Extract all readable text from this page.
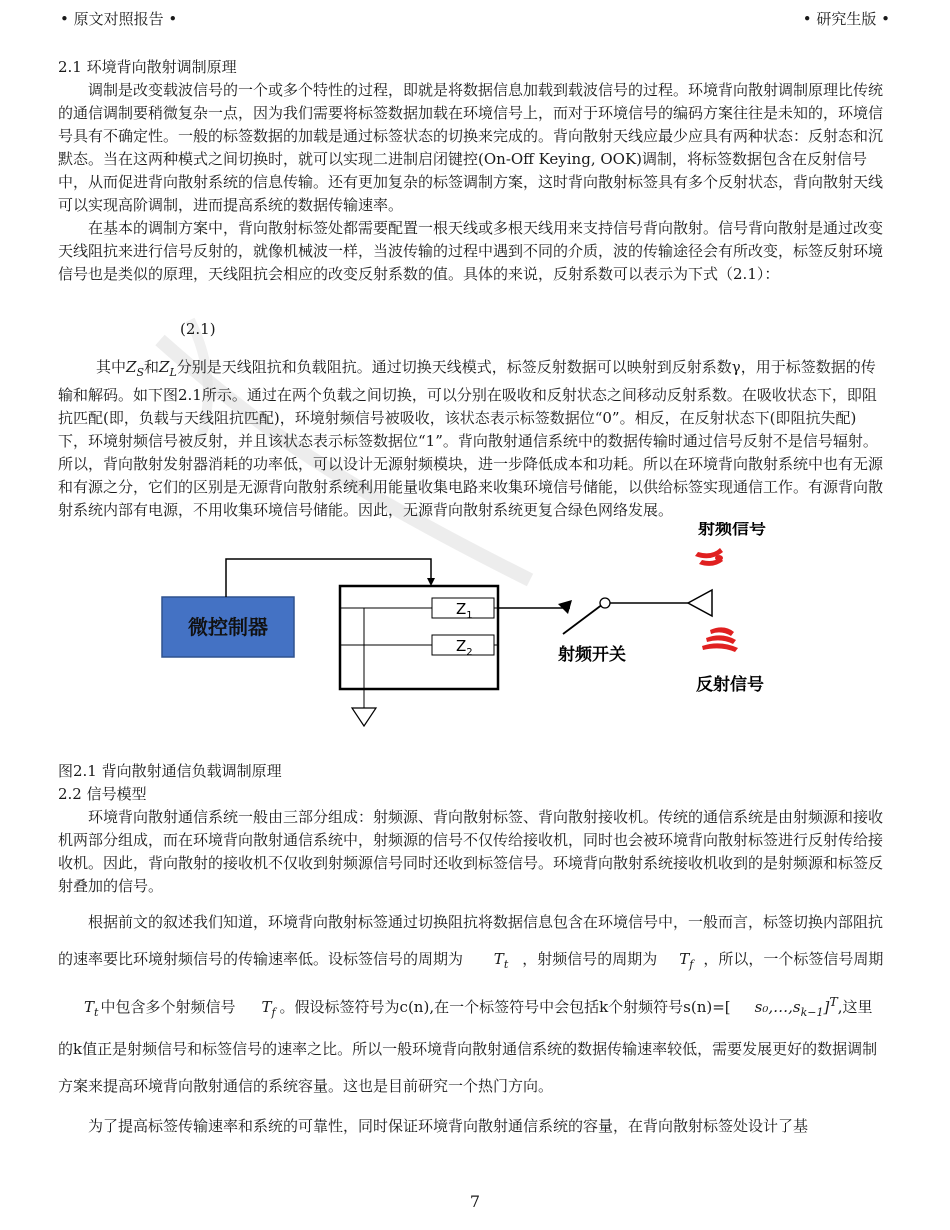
• 原文对照报告 •	• 研究生版 •

2.1 环境背向散射调制原理

调制是改变载波信号的一个或多个特性的过程，即就是将数据信息加载到载波信号的过程。环境背向散射调制原理比传统的通信调制要稍微复杂一点，因为我们需要将标签数据加载在环境信号上，而对于环境信号的编码方案往往是未知的，环境信号具有不确定性。一般的标签数据的加载是通过标签状态的切换来完成的。背向散射天线应最少应具有两种状态：反射态和沉默态。当在这两种模式之间切换时，就可以实现二进制启闭键控(On-Off Keying, OOK)调制，将标签数据包含在反射信号中，从而促进背向散射系统的信息传输。还有更加复杂的标签调制方案，这时背向散射标签具有多个反射状态，背向散射天线可以实现高阶调制，进而提高系统的数据传输速率。

在基本的调制方案中，背向散射标签处都需要配置一根天线或多根天线用来支持信号背向散射。信号背向散射是通过改变天线阻抗来进行信号反射的，就像机械波一样，当波传输的过程中遇到不同的介质，波的传输途径会有所改变，标签反射环境信号也是类似的原理，天线阻抗会相应的改变反射系数的值。具体的来说，反射系数可以表示为下式（2.1）：

(2.1)

其中$Z_S$和$Z_L$分别是天线阻抗和负载阻抗。通过切换天线模式，标签反射数据可以映射到反射系数γ，用于标签数据的传输和解码。如下图2.1所示。通过在两个负载之间切换，可以分别在吸收和反射状态之间移动反射系数。在吸收状态下，即阻抗匹配(即，负载与天线阻抗匹配)，环境射频信号被吸收，该状态表示标签数据位“0”。相反，在反射状态下(即阻抗失配)下，环境射频信号被反射，并且该状态表示标签数据位“1”。背向散射通信系统中的数据传输时通过信号反射不是信号辐射。所以，背向散射发射器消耗的功率低，可以设计无源射频模块，进一步降低成本和功耗。所以在环境背向散射系统中也有无源和有源之分，它们的区别是无源背向散射系统利用能量收集电路来收集环境信号储能，以供给标签实现通信工作。有源背向散射系统内部有电源，不用收集环境信号储能。因此，无源背向散射系统更复合绿色网络发展。

微控制器
$Z_1$
$Z_2$	射频开关
射频信号
反射信号

图2.1 背向散射通信负载调制原理

2.2 信号模型

环境背向散射通信系统一般由三部分组成：射频源、背向散射标签、背向散射接收机。传统的通信系统是由射频源和接收机两部分组成，而在环境背向散射通信系统中，射频源的信号不仅传给接收机，同时也会被环境背向散射标签进行反射传给接收机。因此，背向散射的接收机不仅收到射频源信号同时还收到标签信号。环境背向散射系统接收机收到的是射频源和标签反射叠加的信号。

根据前文的叙述我们知道，环境背向散射标签通过切换阻抗将数据信息包含在环境信号中，一般而言，标签切换内部阻抗的速率要比环境射频信号的传输速率低。设标签信号的周期为 $T_t$ ，射频信号的周期为 $T_f$ ，所以，一个标签信号周期$T_t$ 中包含多个射频信号 $T_f$ 。假设标签符号为c(n),在一个标签符号中会包括k个射频符号s(n)=[ $s_0,\dots,s_{k-1}]^T$,这里的k值正是射频信号和标签信号的速率之比。所以一般环境背向散射通信系统的数据传输速率较低，需要发展更好的数据调制方案来提高环境背向散射通信的系统容量。这也是目前研究一个热门方向。

为了提高标签传输速率和系统的可靠性，同时保证环境背向散射通信系统的容量，在背向散射标签处设计了基

7
